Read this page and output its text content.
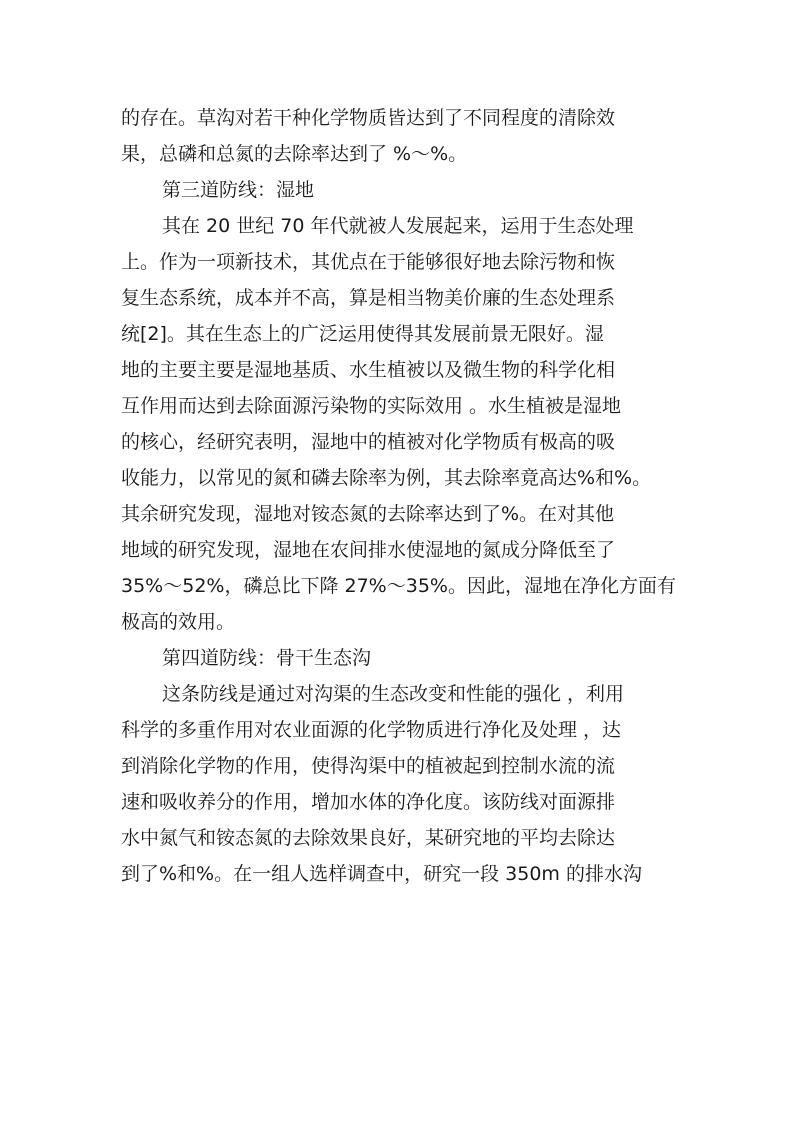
的存在。草沟对若干种化学物质皆达到了不同程度的清除效
果，总磷和总氮的去除率达到了 %～%。
第三道防线：湿地
其在 20 世纪 70 年代就被人发展起来，运用于生态处理
上。作为一项新技术，其优点在于能够很好地去除污物和恢
复生态系统，成本并不高，算是相当物美价廉的生态处理系
统[2]。其在生态上的广泛运用使得其发展前景无限好。湿
地的主要主要是湿地基质、水生植被以及微生物的科学化相
互作用而达到去除面源污染物的实际效用 。水生植被是湿地
的核心，经研究表明，湿地中的植被对化学物质有极高的吸
收能力，以常见的氮和磷去除率为例，其去除率竟高达%和%。
其余研究发现，湿地对铵态氮的去除率达到了%。在对其他
地域的研究发现，湿地在农间排水使湿地的氮成分降低至了
35%～52%，磷总比下降 27%～35%。因此，湿地在净化方面有
极高的效用。
第四道防线：骨干生态沟
这条防线是通过对沟渠的生态改变和性能的强化 ，利用
科学的多重作用对农业面源的化学物质进行净化及处理 ，达
到消除化学物的作用，使得沟渠中的植被起到控制水流的流
速和吸收养分的作用，增加水体的净化度。该防线对面源排
水中氮气和铵态氮的去除效果良好，某研究地的平均去除达
到了%和%。在一组人选样调查中，研究一段 350m 的排水沟
